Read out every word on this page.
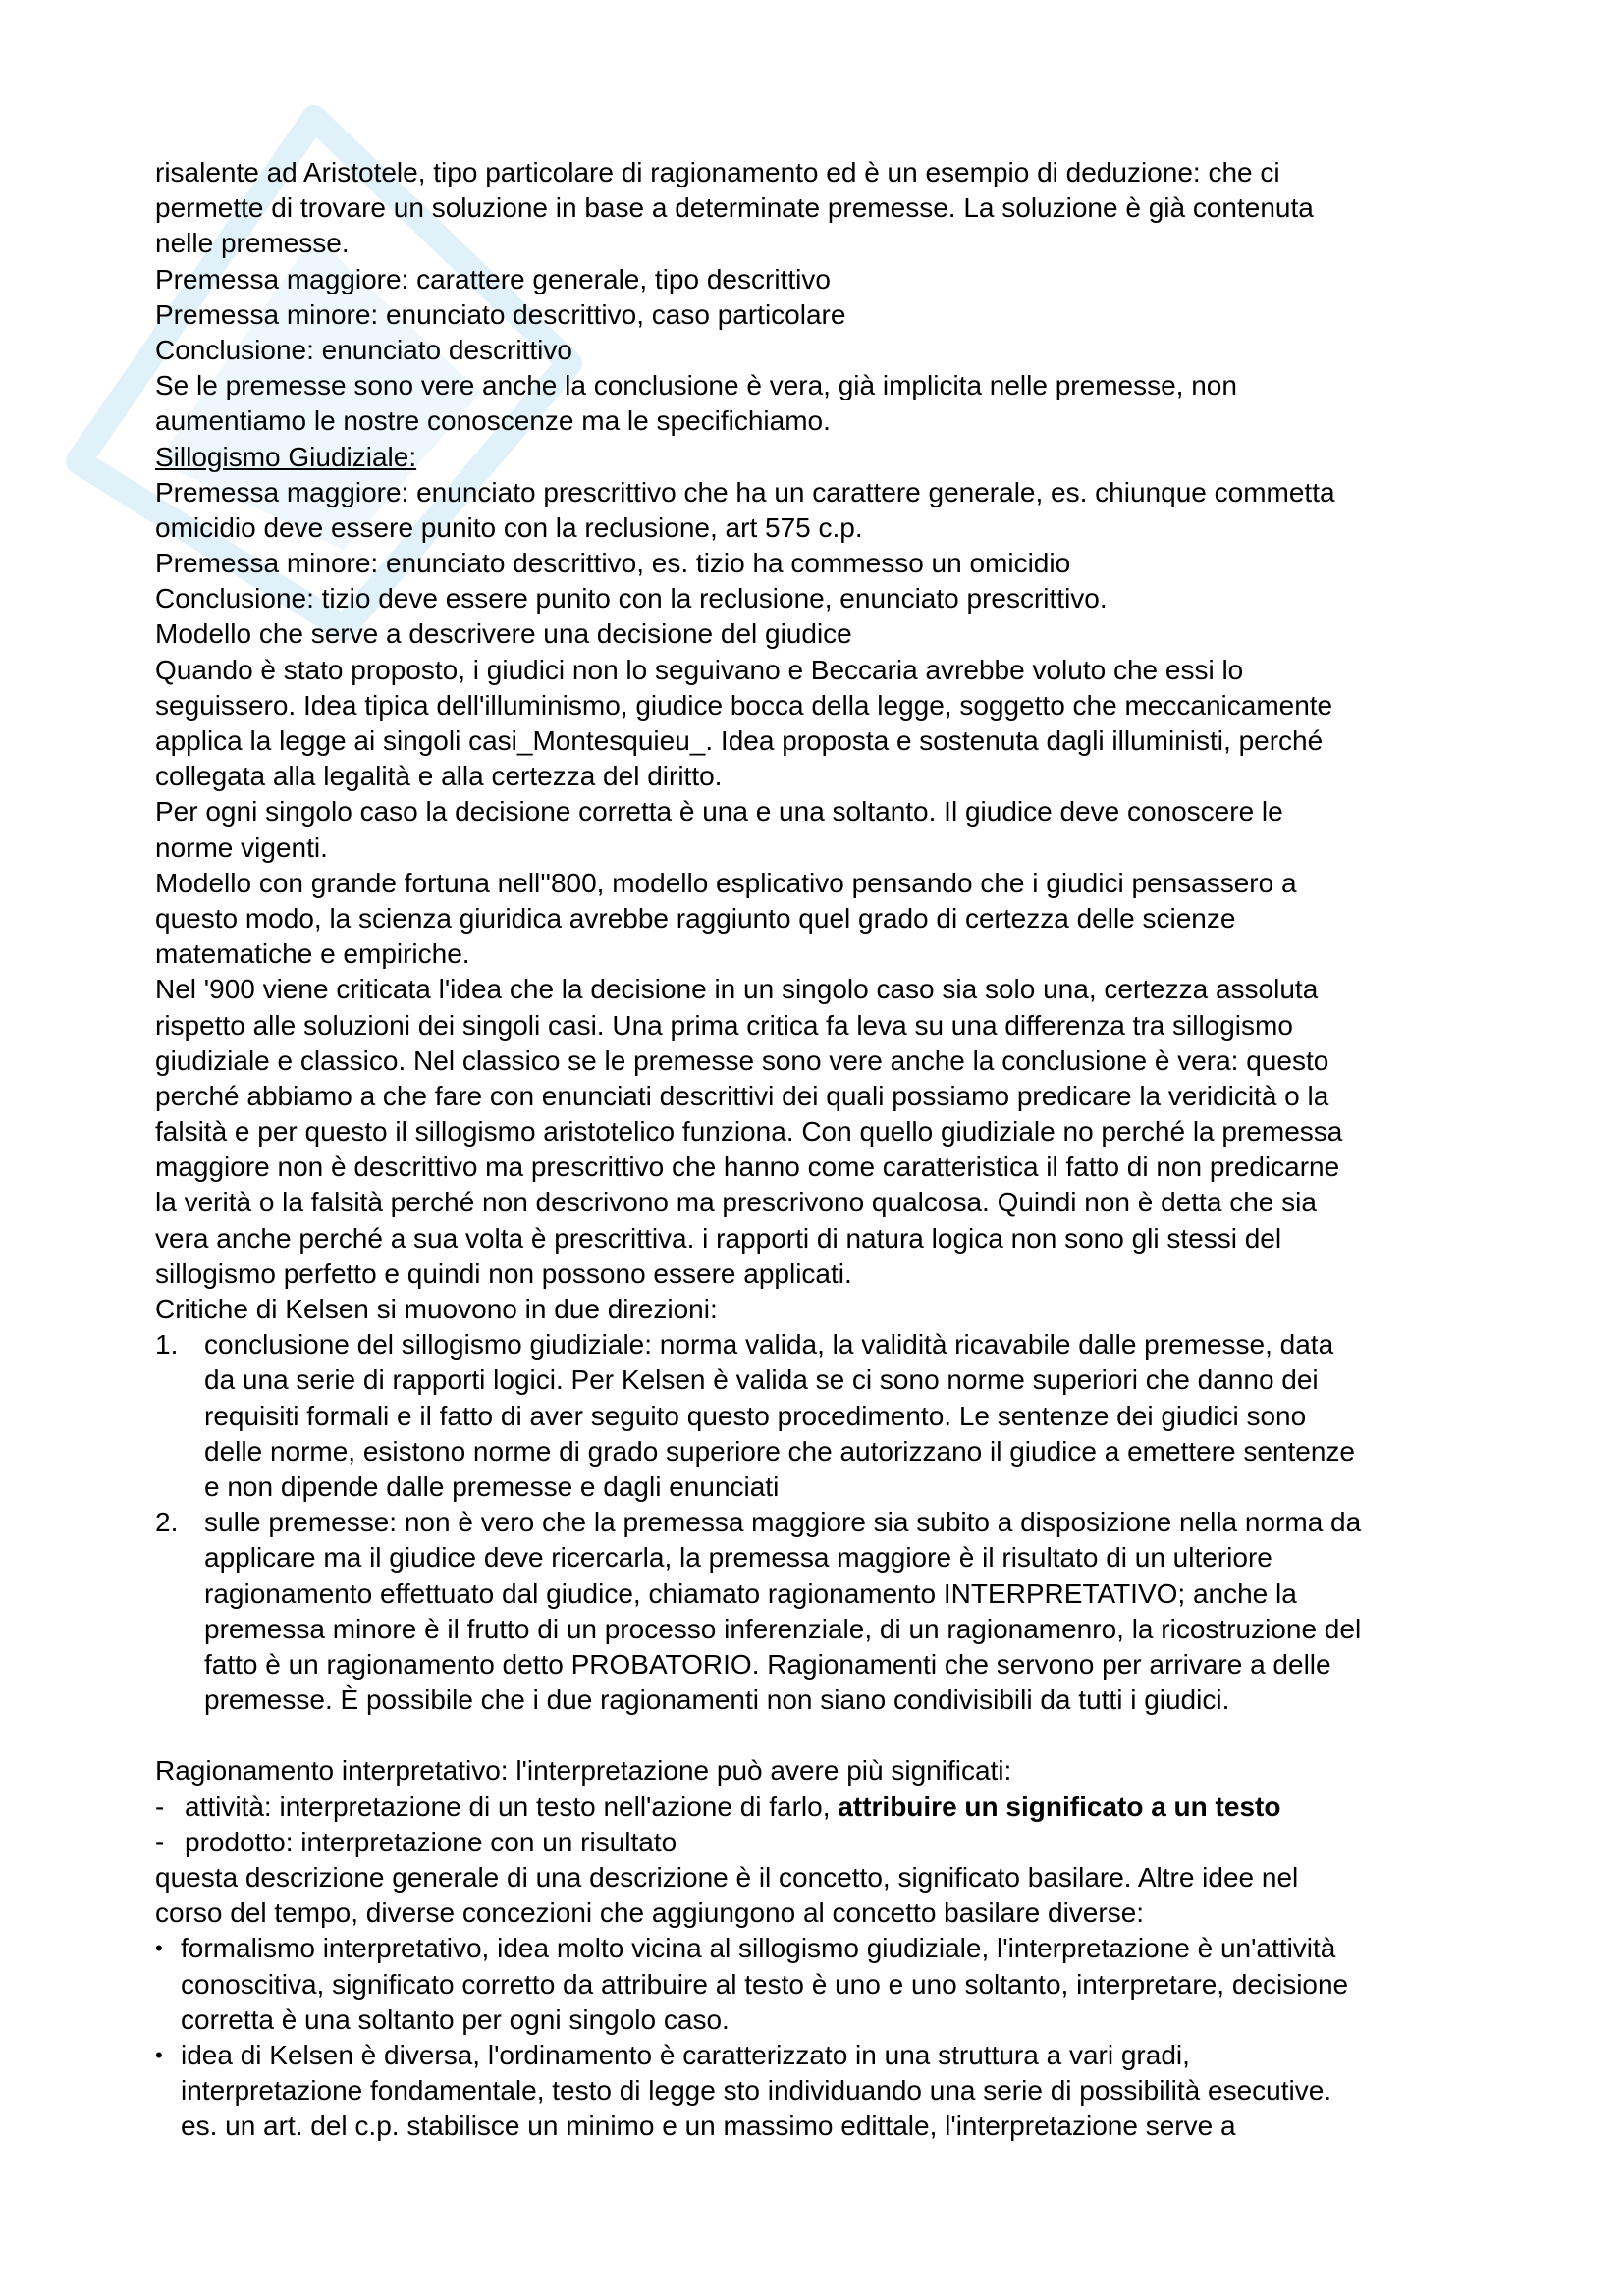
risalente ad Aristotele, tipo particolare di ragionamento ed è un esempio di deduzione: che ci
permette di trovare un soluzione in base a determinate premesse. La soluzione è già contenuta
nelle premesse.
Premessa maggiore: carattere generale, tipo descrittivo
Premessa minore: enunciato descrittivo, caso particolare
Conclusione: enunciato descrittivo
Se le premesse sono vere anche la conclusione è vera, già implicita nelle premesse, non
aumentiamo le nostre conoscenze ma le specifichiamo.
Sillogismo Giudiziale:
Premessa maggiore: enunciato prescrittivo che ha un carattere generale, es. chiunque commetta
omicidio deve essere punito con la reclusione, art 575 c.p.
Premessa minore: enunciato descrittivo, es. tizio ha commesso un omicidio
Conclusione: tizio deve essere punito con la reclusione, enunciato prescrittivo.
Modello che serve a descrivere una decisione del giudice
Quando è stato proposto, i giudici non lo seguivano e Beccaria avrebbe voluto che essi lo
seguissero. Idea tipica dell'illuminismo, giudice bocca della legge, soggetto che meccanicamente
applica la legge ai singoli casi_Montesquieu_. Idea proposta e sostenuta dagli illuministi, perché
collegata alla legalità e alla certezza del diritto.
Per ogni singolo caso la decisione corretta è una e una soltanto. Il giudice deve conoscere le
norme vigenti.
Modello con grande fortuna nell''800, modello esplicativo pensando che i giudici pensassero a
questo modo, la scienza giuridica avrebbe raggiunto quel grado di certezza delle scienze
matematiche e empiriche.
Nel '900 viene criticata l'idea che la decisione in un singolo caso sia solo una, certezza assoluta
rispetto alle soluzioni dei singoli casi. Una prima critica fa leva su una differenza tra sillogismo
giudiziale e classico. Nel classico se le premesse sono vere anche la conclusione è vera: questo
perché abbiamo a che fare con enunciati descrittivi dei quali possiamo predicare la veridicità o la
falsità e per questo il sillogismo aristotelico funziona. Con quello giudiziale no perché la premessa
maggiore non è descrittivo ma prescrittivo che hanno come caratteristica il fatto di non predicarne
la verità o la falsità perché non descrivono ma prescrivono qualcosa. Quindi non è detta che sia
vera anche perché a sua volta è prescrittiva. i rapporti di natura logica non sono gli stessi del
sillogismo perfetto e quindi non possono essere applicati.
Critiche di Kelsen si muovono in due direzioni:
1. conclusione del sillogismo giudiziale: norma valida, la validità ricavabile dalle premesse, data
da una serie di rapporti logici. Per Kelsen è valida se ci sono norme superiori che danno dei
requisiti formali e il fatto di aver seguito questo procedimento. Le sentenze dei giudici sono
delle norme, esistono norme di grado superiore che autorizzano il giudice a emettere sentenze
e non dipende dalle premesse e dagli enunciati
2. sulle premesse: non è vero che la premessa maggiore sia subito a disposizione nella norma da
applicare ma il giudice deve ricercarla, la premessa maggiore è il risultato di un ulteriore
ragionamento effettuato dal giudice, chiamato ragionamento INTERPRETATIVO; anche la
premessa minore è il frutto di un processo inferenziale, di un ragionamenro, la ricostruzione del
fatto è un ragionamento detto PROBATORIO. Ragionamenti che servono per arrivare a delle
premesse. È possibile che i due ragionamenti non siano condivisibili da tutti i giudici.
Ragionamento interpretativo: l'interpretazione può avere più significati:
- attività: interpretazione di un testo nell'azione di farlo, attribuire un significato a un testo
- prodotto: interpretazione con un risultato
questa descrizione generale di una descrizione è il concetto, significato basilare. Altre idee nel
corso del tempo, diverse concezioni che aggiungono al concetto basilare diverse:
• formalismo interpretativo, idea molto vicina al sillogismo giudiziale, l'interpretazione è un'attività
conoscitiva, significato corretto da attribuire al testo è uno e uno soltanto, interpretare, decisione
corretta è una soltanto per ogni singolo caso.
• idea di Kelsen è diversa, l'ordinamento è caratterizzato in una struttura a vari gradi,
interpretazione fondamentale, testo di legge sto individuando una serie di possibilità esecutive.
es. un art. del c.p. stabilisce un minimo e un massimo edittale, l'interpretazione serve a
